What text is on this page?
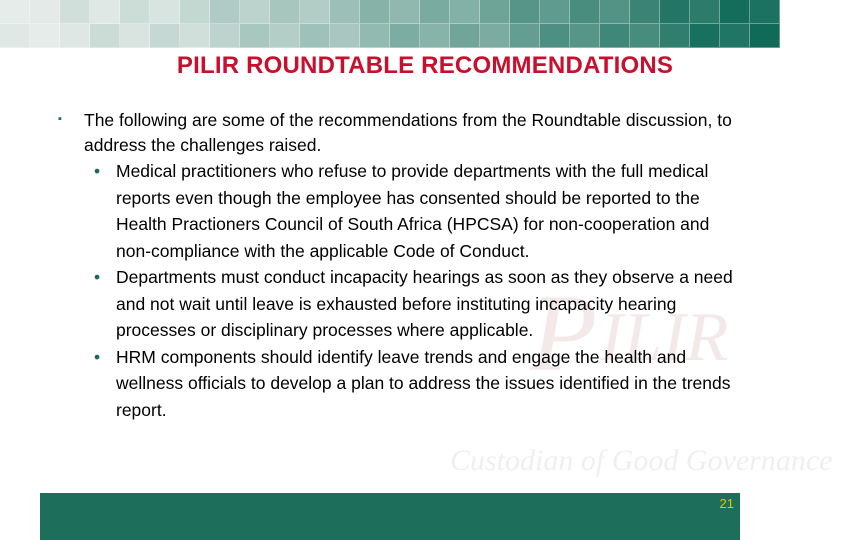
P ILIR
Custodian of Good Governance
PILIR ROUNDTABLE RECOMMENDATIONS
▪	The following are some of the recommendations from the Roundtable discussion, to address the challenges raised.
• Medical practitioners who refuse to provide departments with the full medical reports even though the employee has consented should be reported to the Health Practioners Council of South Africa (HPCSA) for non-cooperation and non-compliance with the applicable Code of Conduct.
• Departments must conduct incapacity hearings as soon as they observe a need and not wait until leave is exhausted before instituting incapacity hearing processes or disciplinary processes where applicable.
• HRM components should identify leave trends and engage the health and wellness officials to develop a plan to address the issues identified in the trends report.
21
